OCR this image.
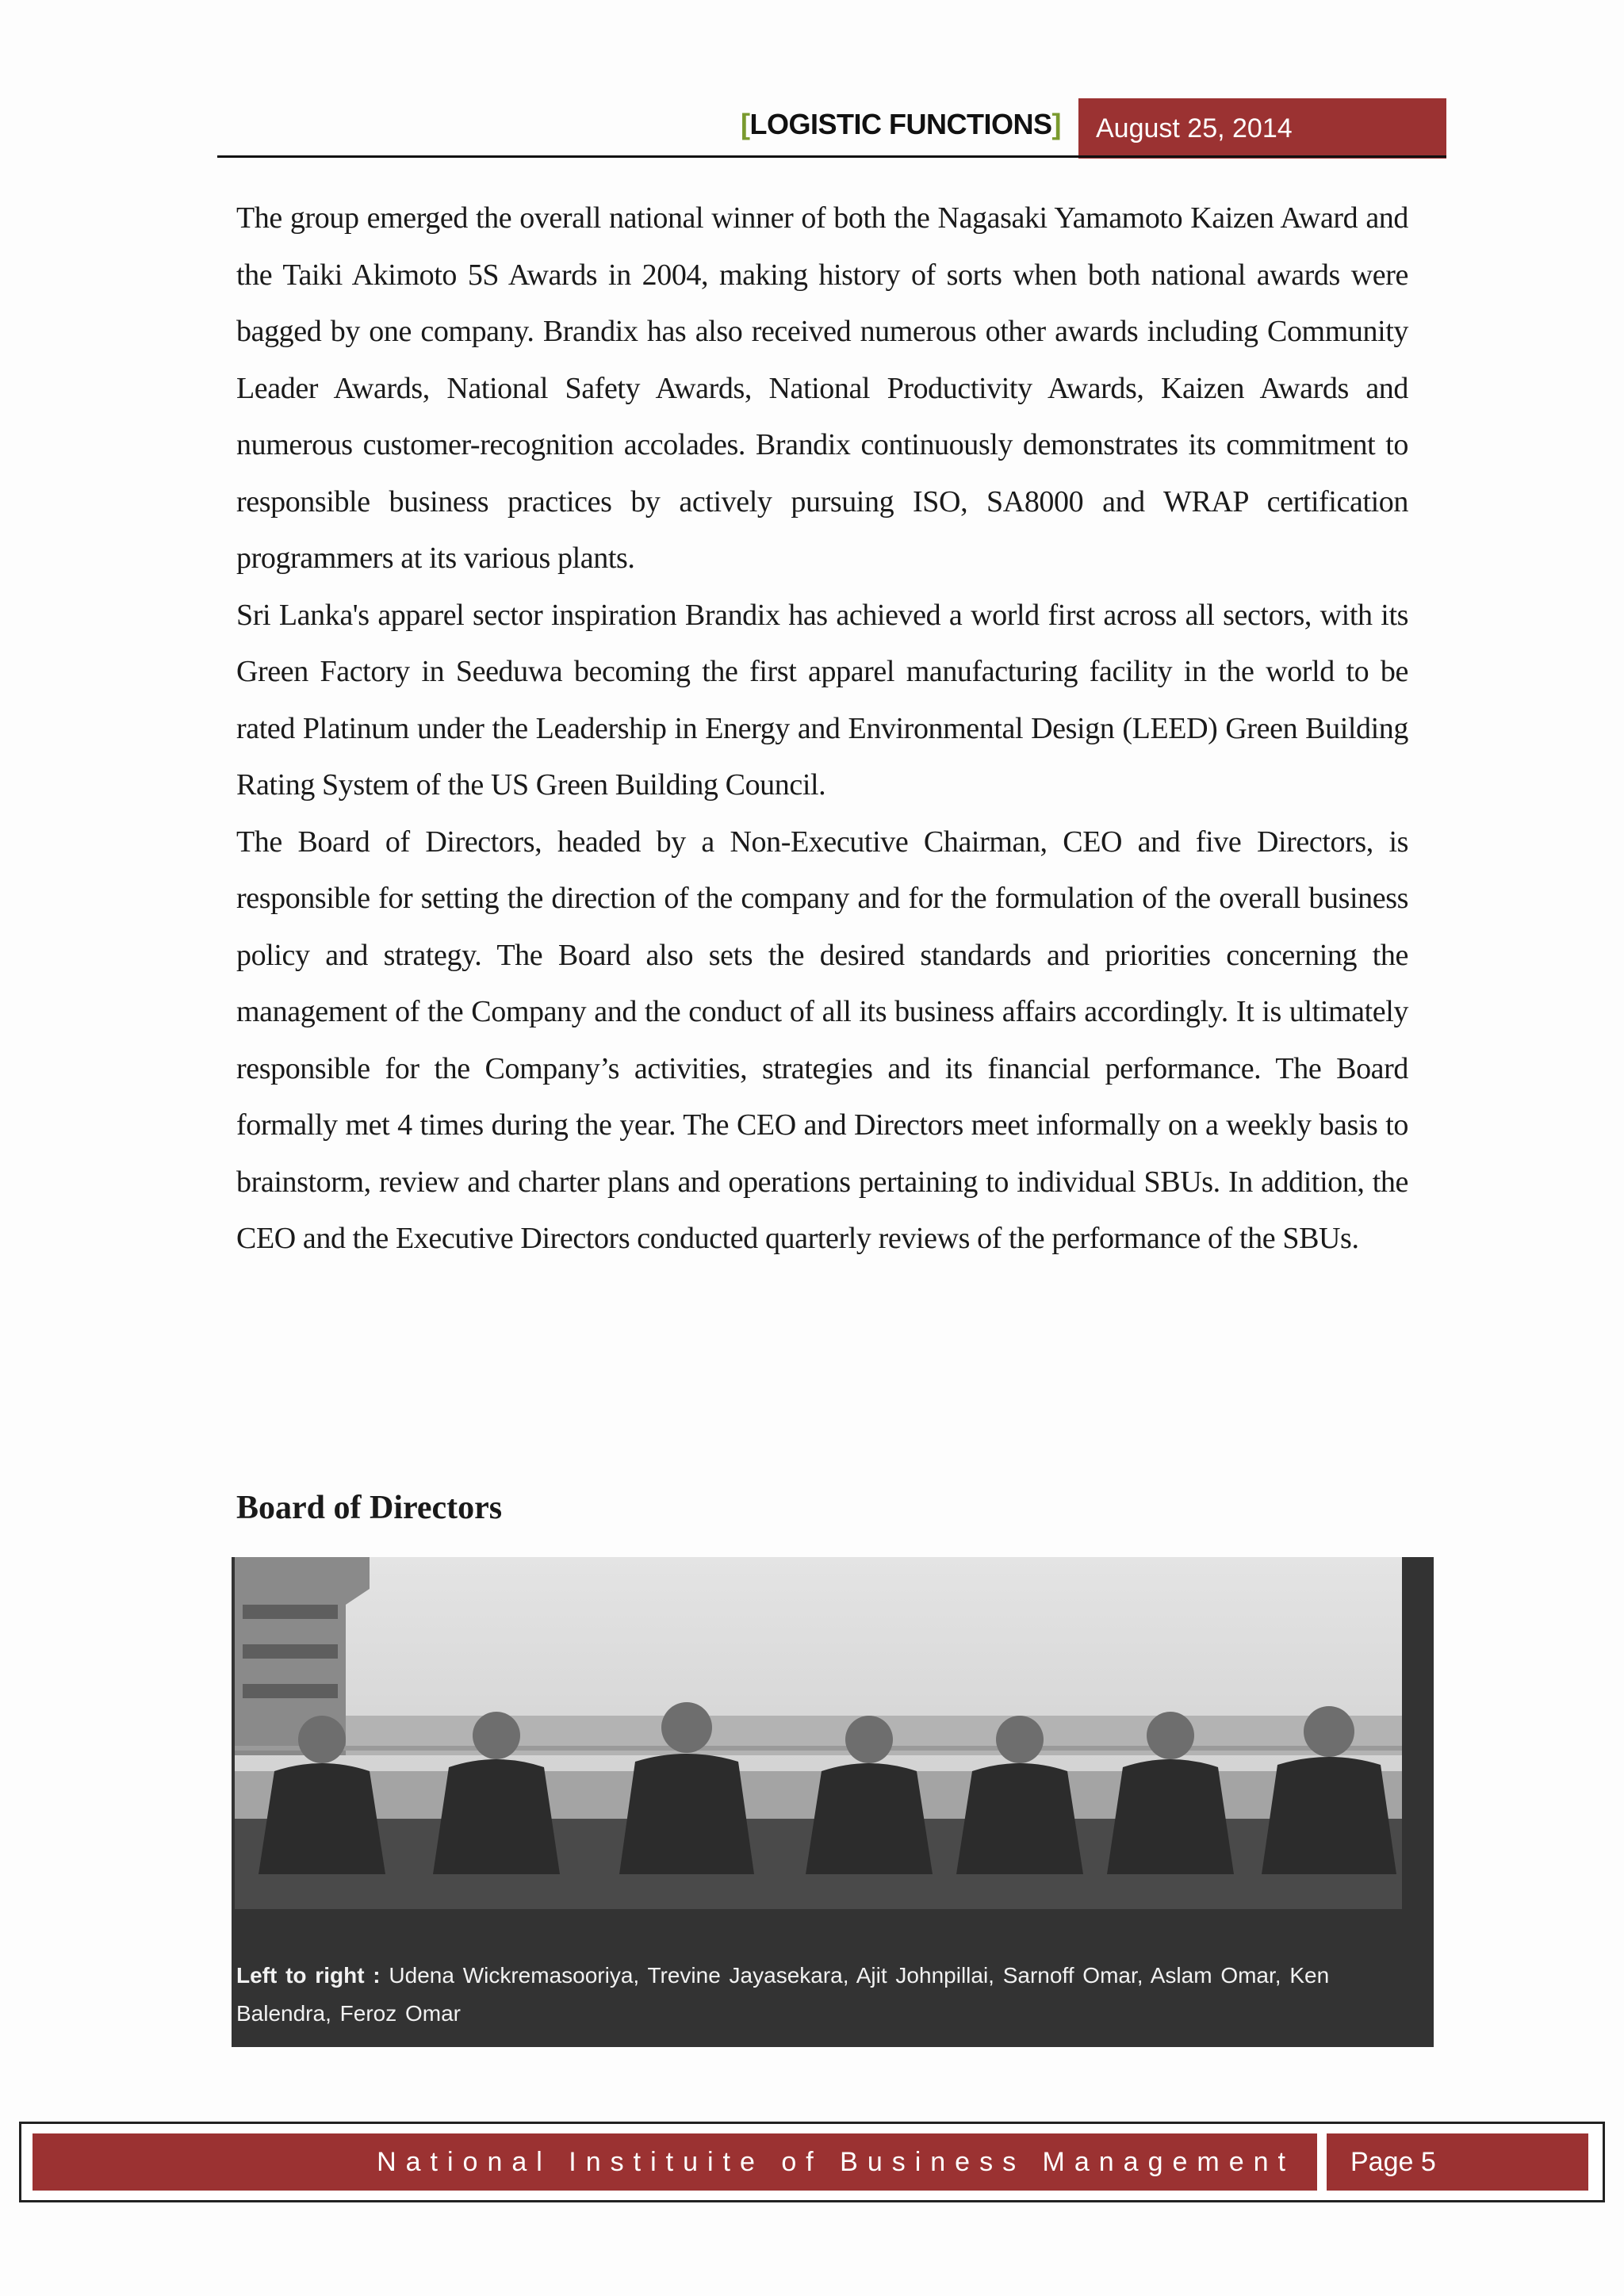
[LOGISTIC FUNCTIONS]	August 25, 2014

The group emerged the overall national winner of both the Nagasaki Yamamoto Kaizen Award and the Taiki Akimoto 5S Awards in 2004, making history of sorts when both national awards were bagged by one company. Brandix has also received numerous other awards including Community Leader Awards, National Safety Awards, National Productivity Awards, Kaizen Awards and numerous customer-recognition accolades. Brandix continuously demonstrates its commitment to responsible business practices by actively pursuing ISO, SA8000 and WRAP certification programmers at its various plants.

Sri Lanka's apparel sector inspiration Brandix has achieved a world first across all sectors, with its Green Factory in Seeduwa becoming the first apparel manufacturing facility in the world to be rated Platinum under the Leadership in Energy and Environmental Design (LEED) Green Building Rating System of the US Green Building Council.

The Board of Directors, headed by a Non-Executive Chairman, CEO and five Directors, is responsible for setting the direction of the company and for the formulation of the overall business policy and strategy. The Board also sets the desired standards and priorities concerning the management of the Company and the conduct of all its business affairs accordingly. It is ultimately responsible for the Company’s activities, strategies and its financial performance. The Board formally met 4 times during the year. The CEO and Directors meet informally on a weekly basis to brainstorm, review and charter plans and operations pertaining to individual SBUs. In addition, the CEO and the Executive Directors conducted quarterly reviews of the performance of the SBUs.

Board of Directors
Left to right : Udena Wickremasooriya, Trevine Jayasekara, Ajit Johnpillai, Sarnoff Omar, Aslam Omar, Ken Balendra, Feroz Omar
National Instituite of Business Management	Page 5
